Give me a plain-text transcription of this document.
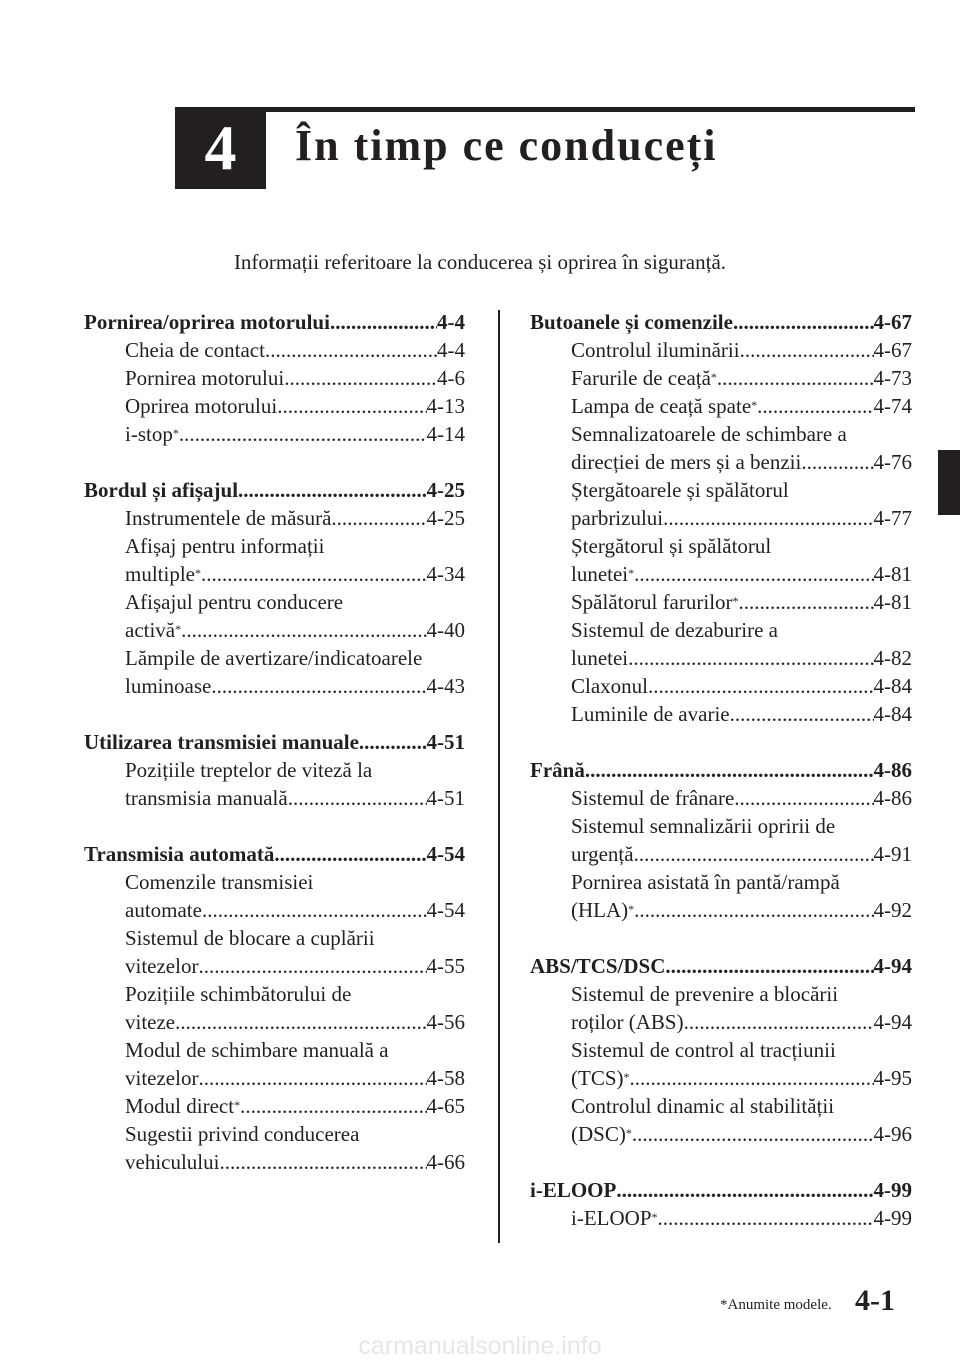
4 În timp ce conduceți
Informații referitoare la conducerea și oprirea în siguranță.
Pornirea/oprirea motorului .....	4-4
Cheia de contact .....	4-4
Pornirea motorului .....	4-6
Oprirea motorului .....	4-13
i-stop* .....	4-14
Bordul și afișajul .....	4-25
Instrumentele de măsură .....	4-25
Afișaj pentru informații
multiple* .....	4-34
Afișajul pentru conducere
activă* .....	4-40
Lămpile de avertizare/indicatoarele
luminoase .....	4-43
Utilizarea transmisiei manuale .....	4-51
Pozițiile treptelor de viteză la
transmisia manuală .....	4-51
Transmisia automată .....	4-54
Comenzile transmisiei
automate .....	4-54
Sistemul de blocare a cuplării
vitezelor .....	4-55
Pozițiile schimbătorului de
viteze .....	4-56
Modul de schimbare manuală a
vitezelor .....	4-58
Modul direct* .....	4-65
Sugestii privind conducerea
vehiculului .....	4-66
Butoanele și comenzile .....	4-67
Controlul iluminării .....	4-67
Farurile de ceață* .....	4-73
Lampa de ceață spate* .....	4-74
Semnalizatoarele de schimbare a
direcției de mers și a benzii .....	4-76
Ștergătoarele și spălătorul
parbrizului .....	4-77
Ștergătorul și spălătorul
lunetei* .....	4-81
Spălătorul farurilor* .....	4-81
Sistemul de dezaburire a
lunetei .....	4-82
Claxonul .....	4-84
Luminile de avarie .....	4-84
Frână .....	4-86
Sistemul de frânare .....	4-86
Sistemul semnalizării opririi de
urgență .....	4-91
Pornirea asistată în pantă/rampă
(HLA)* .....	4-92
ABS/TCS/DSC .....	4-94
Sistemul de prevenire a blocării
roților (ABS) .....	4-94
Sistemul de control al tracțiunii
(TCS)* .....	4-95
Controlul dinamic al stabilității
(DSC)* .....	4-96
i-ELOOP .....	4-99
i-ELOOP* .....	4-99
*Anumite modele. 4-1
carmanualsonline.info
